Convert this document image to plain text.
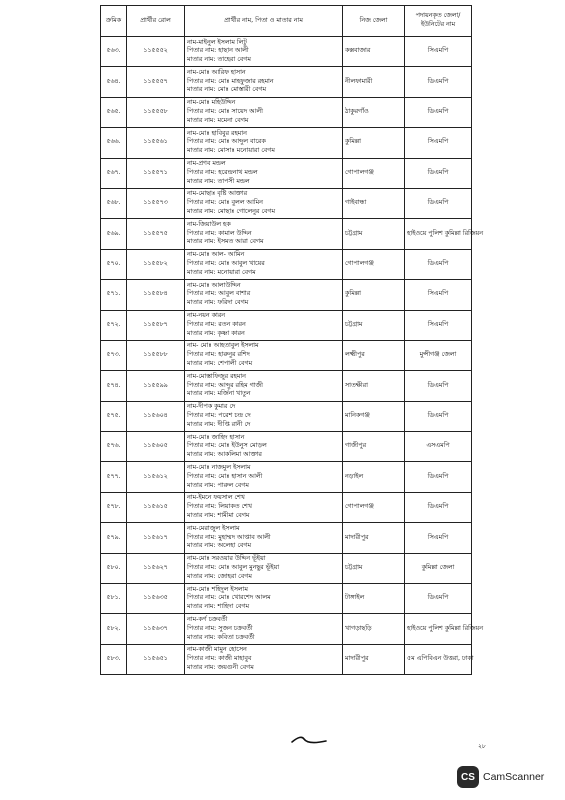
ক্রমিক	প্রার্থীর রোল	প্রার্থীর নাম, পিতা ও মাতার নাম	নিজ জেলা	পদায়নকৃত জেলা/ ইউনিটের নাম
৫৬৩.	১১৫৫৫২	নাম-মাইনুল ইসলাম লিটু
পিতার নাম: হাছান আলী
মাতার নাম: তাহেরা বেগম	কক্সবাজার	সিএমপি
৫৬৪.	১১৫৫৫৭	নাম-মোঃ আরিফ হাসান
পিতার নাম: মোঃ মাহফুজার রহমান
মাতার নাম: মোঃ মোস্তারী বেগম	নীলফামারী	ডিএমপি
৫৬৫.	১১৫৫৫৮	নাম-মোঃ মহিউদ্দিন
পিতার নাম: মোঃ সায়েদ আলী
মাতার নাম: মমেনা বেগম	ঠাকুরগাঁও	ডিএমপি
৫৬৬.	১১৫৫৬১	নাম-মোঃ হাবিবুর রহমান
পিতার নাম: মোঃ আব্দুল বারেক
মাতার নাম: মোসাঃ মনোয়ারা বেগম	কুমিল্লা	সিএমপি
৫৬৭.	১১৫৫৭১	নাম-প্রণব মন্ডল
পিতার নাম: হরেন্দ্রনাথ মন্ডল
মাতার নাম: তাপসী মন্ডল	গোপালগঞ্জ	ডিএমপি
৫৬৮.	১১৫৫৭৩	নাম-মোছাঃ বৃষ্টি আক্তার
পিতার নাম: মোঃ বুলল আমিন
মাতার নাম: মোছাঃ গোলেনুর বেগম	গাইবান্ধা	ডিএমপি
৫৬৯.	১১৫৫৭৫	নাম-জিয়াউল হক
পিতার নাম: কামাল উদ্দিন
মাতার নাম: ইসমত আরা বেগম	চট্টগ্রাম	হাইওয়ে পুলিশ কুমিল্লা রিজিয়ন
৫৭০.	১১৫৫৮২	নাম-মোঃ আল- আমিন
পিতার নাম: মোঃ আবুল খায়ের
মাতার নাম: মনোয়ারা বেগম	গোপালগঞ্জ	ডিএমপি
৫৭১.	১১৫৫৮৪	নাম-মোঃ আলাউদ্দিন
পিতার নাম: আবুল বাশার
মাতার নাম: ফরিদা বেগম	কুমিল্লা	সিএমপি
৫৭২.	১১৫৫৮৭	নাম-নয়ন কারন
পিতার নাম: রতন কারন
মাতার নাম: কৃষ্ণা কারন	চট্টগ্রাম	সিএমপি
৫৭৩.	১১৫৫৮৮	নাম- মোঃ আহতাবুল ইসলাম
পিতার নাম: হারুনুর রশিদ
মাতার নাম: শেপালী বেগম	লক্ষ্মীপুর	মুন্সীগঞ্জ জেলা
৫৭৪.	১১৫৫৯৯	নাম-মোস্তাফিজুর রহমান
পিতার নাম: আব্দুর রহিম গাজী
মাতার নাম: মর্জিনা খাতুন	সাতক্ষীরা	ডিএমপি
৫৭৫.	১১৫৬০৪	নাম-দীপক কুমার দে
পিতার নাম: পরেশ চন্দ্র দে
মাতার নাম: দীপ্তি রানী দে	মানিকগঞ্জ	ডিএমপি
৫৭৬.	১১৫৬০৫	নাম-মোঃ জাহিদ হাসান
পিতার নাম: মোঃ ইউনুস মোড়ল
মাতার নাম: আকলিমা আক্তার	গাজীপুর	এসএমপি
৫৭৭.	১১৫৬১২	নাম-মোঃ নাজমুল ইসলাম
পিতার নাম: মোঃ হাসান আলী
মাতার নাম: পারুল বেগম	নড়াইল	ডিএমপি
৫৭৮.	১১৫৬১৫	নাম-ইমনে ফয়সাল শেখ
পিতার নাম: লিয়াকত শেখ
মাতার নাম: শামীমা বেগম	গোপালগঞ্জ	ডিএমপি
৫৭৯.	১১৫৬১৭	নাম-মেরাজুল ইসলাম
পিতার নাম: মুহাম্মদ আপ্তাব আলী
মাতার নাম: অলেহা বেগম	মাদারীপুর	সিএমপি
৫৮০.	১১৫৬২৭	নাম-মোঃ সরওয়ার উদ্দিন ভূঁইয়া
পিতার নাম: মোঃ আবুল মুনছুর ভূঁইয়া
মাতার নাম: জোহরা বেগম	চট্টগ্রাম	কুমিল্লা জেলা
৫৮১.	১১৫৬৩৫	নাম-মোঃ শহিদুল ইসলাম
পিতার নাম: মোঃ খোরশেদ আলম
মাতার নাম: শাহিদা বেগম	টাঙ্গাইল	ডিএমপি
৫৮২.	১১৫৬৩৭	নাম-কর্ণ চক্রবর্তী
পিতার নাম: সুজন চক্রবর্তী
মাতার নাম: কবিতা চক্রবর্তী	খাগড়াছড়ি	হাইওয়ে পুলিশ কুমিল্লা রিজিয়ন
৫৮৩.	১১৫৬৫১	নাম-কাজী মামুন হোসেন
পিতার নাম: কাজী মাহাবুব
মাতার নাম: জয়গুনী বেগম	মাদারীপুর	৫ম এপিবিএন উত্তরা, ঢাকা
২৮
CS CamScanner
